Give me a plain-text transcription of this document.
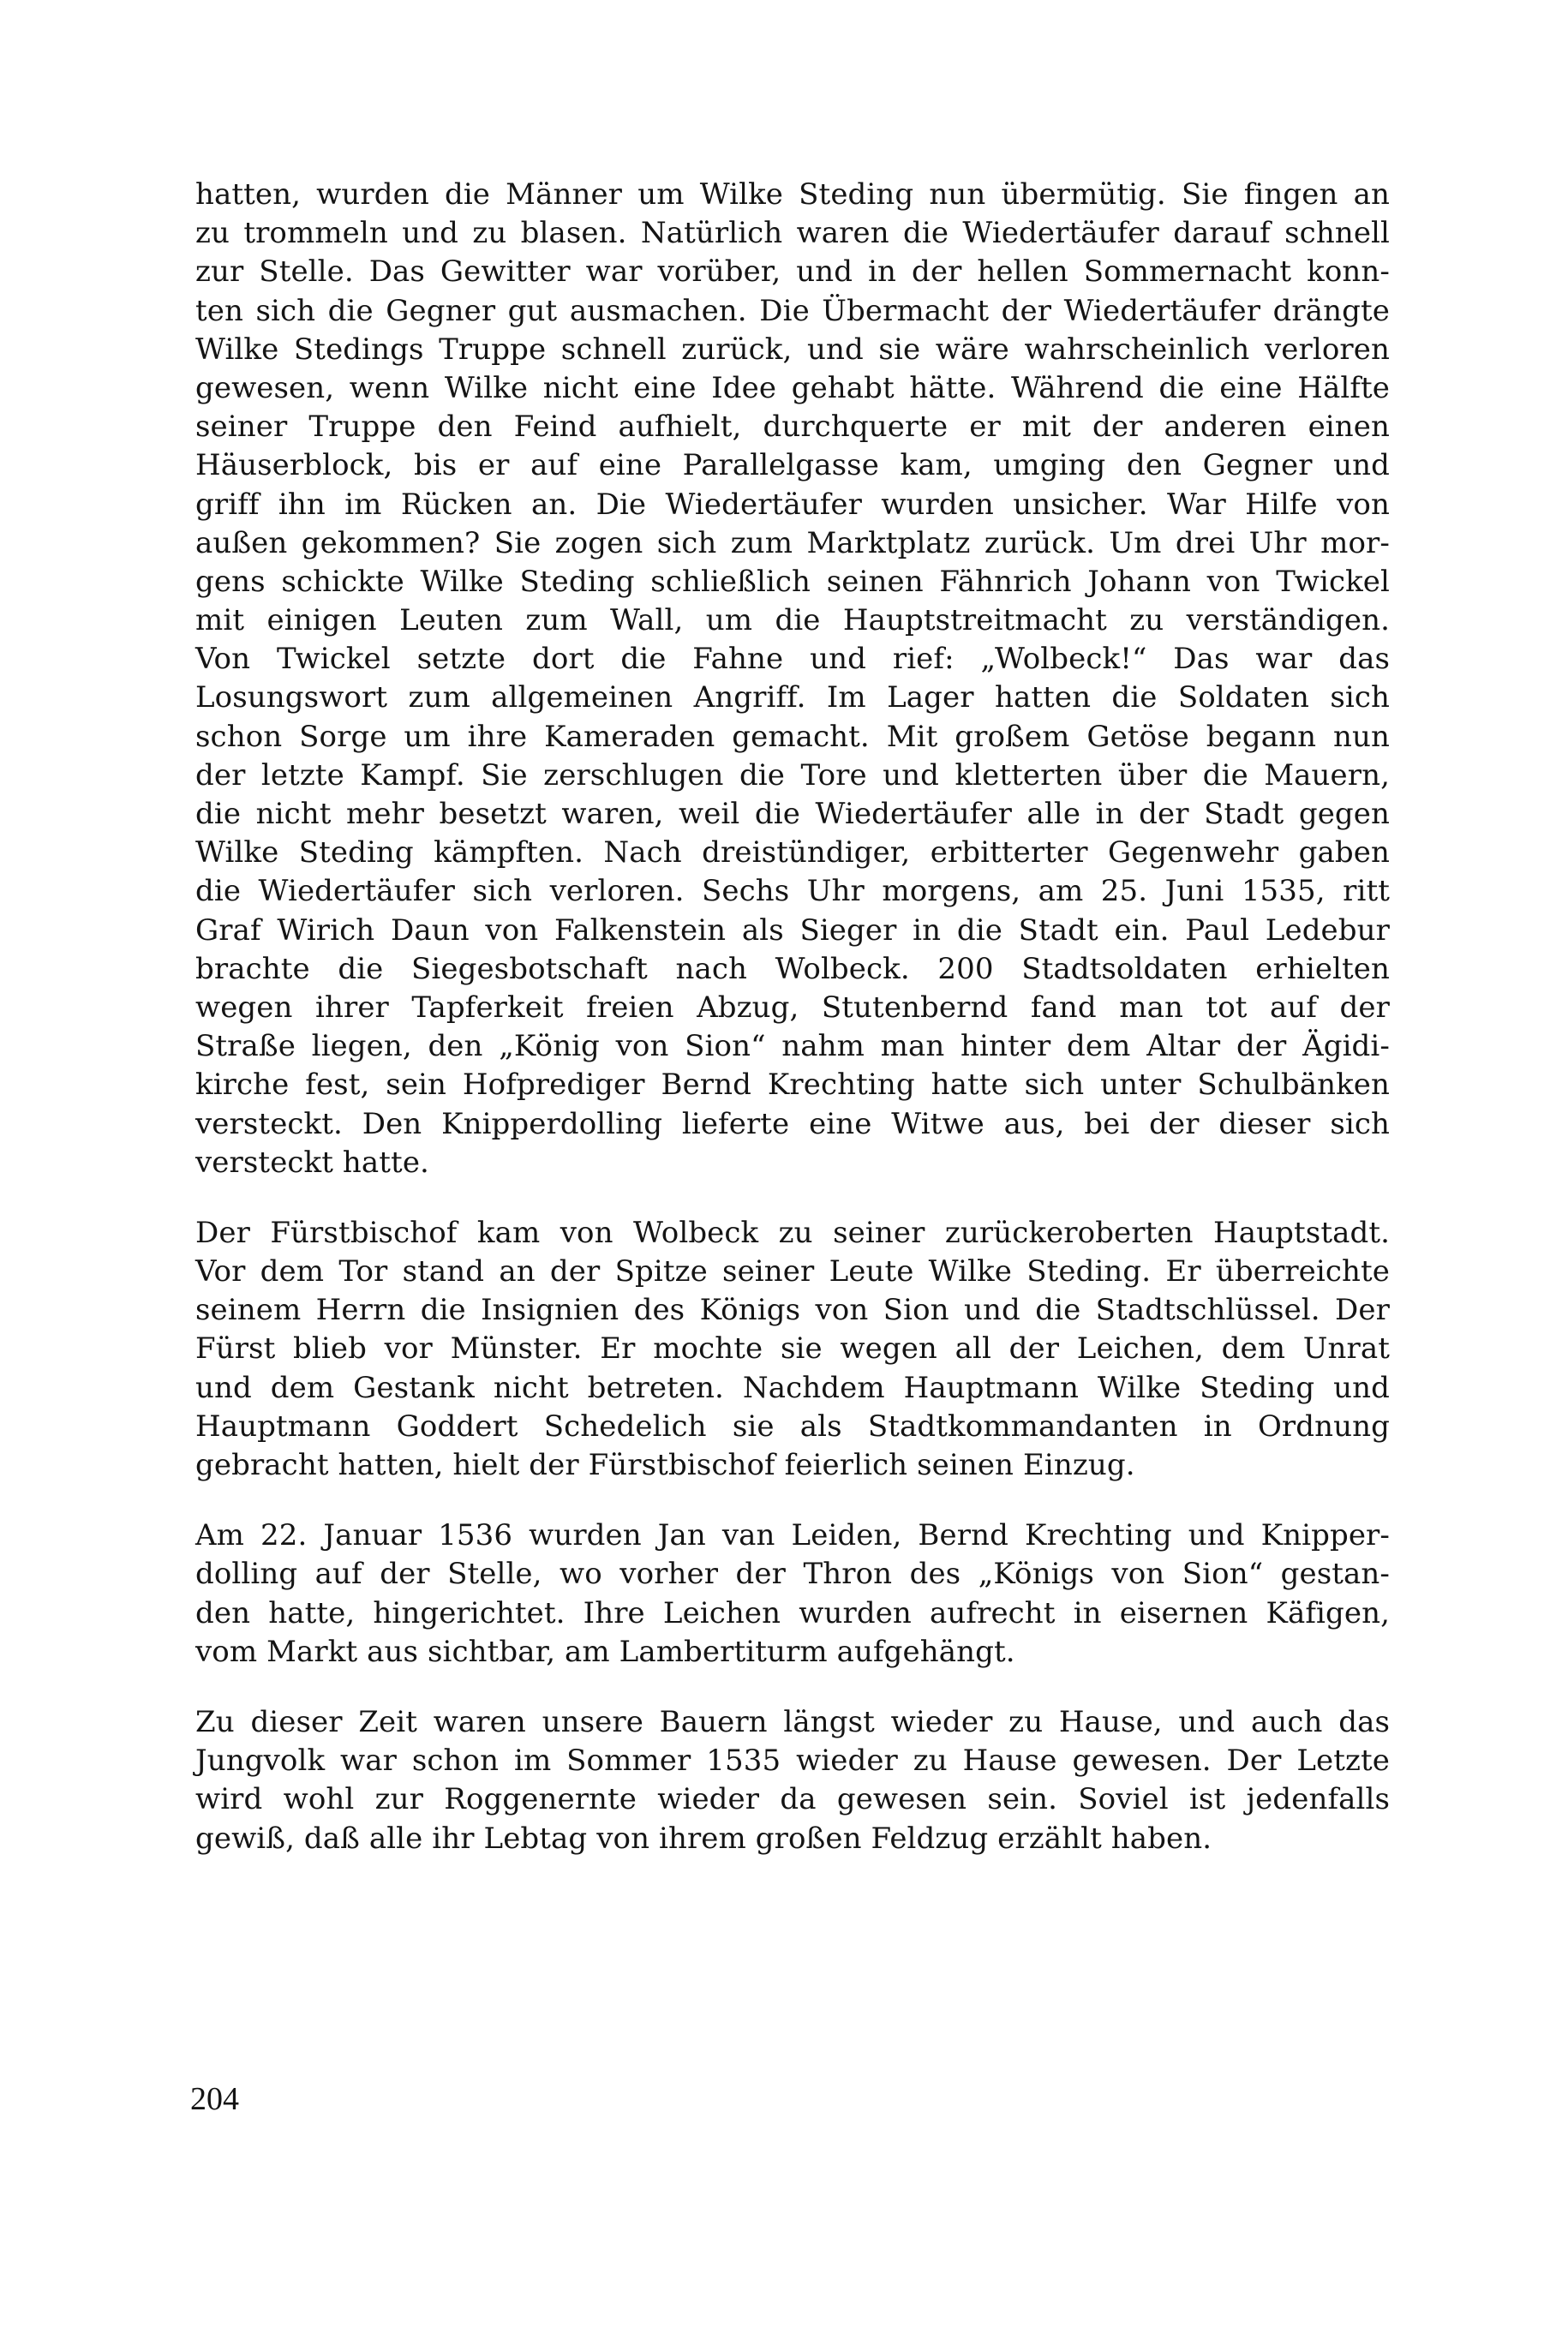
hatten, wurden die Männer um Wilke Steding nun übermütig. Sie fingen an
zu trommeln und zu blasen. Natürlich waren die Wiedertäufer darauf schnell
zur Stelle. Das Gewitter war vorüber, und in der hellen Sommernacht konn-
ten sich die Gegner gut ausmachen. Die Übermacht der Wiedertäufer drängte
Wilke Stedings Truppe schnell zurück, und sie wäre wahrscheinlich verloren
gewesen, wenn Wilke nicht eine Idee gehabt hätte. Während die eine Hälfte
seiner Truppe den Feind aufhielt, durchquerte er mit der anderen einen
Häuserblock, bis er auf eine Parallelgasse kam, umging den Gegner und
griff ihn im Rücken an. Die Wiedertäufer wurden unsicher. War Hilfe von
außen gekommen? Sie zogen sich zum Marktplatz zurück. Um drei Uhr mor-
gens schickte Wilke Steding schließlich seinen Fähnrich Johann von Twickel
mit einigen Leuten zum Wall, um die Hauptstreitmacht zu verständigen.
Von Twickel setzte dort die Fahne und rief: „Wolbeck!“ Das war das
Losungswort zum allgemeinen Angriff. Im Lager hatten die Soldaten sich
schon Sorge um ihre Kameraden gemacht. Mit großem Getöse begann nun
der letzte Kampf. Sie zerschlugen die Tore und kletterten über die Mauern,
die nicht mehr besetzt waren, weil die Wiedertäufer alle in der Stadt gegen
Wilke Steding kämpften. Nach dreistündiger, erbitterter Gegenwehr gaben
die Wiedertäufer sich verloren. Sechs Uhr morgens, am 25. Juni 1535, ritt
Graf Wirich Daun von Falkenstein als Sieger in die Stadt ein. Paul Ledebur
brachte die Siegesbotschaft nach Wolbeck. 200 Stadtsoldaten erhielten
wegen ihrer Tapferkeit freien Abzug, Stutenbernd fand man tot auf der
Straße liegen, den „König von Sion“ nahm man hinter dem Altar der Ägidi-
kirche fest, sein Hofprediger Bernd Krechting hatte sich unter Schulbänken
versteckt. Den Knipperdolling lieferte eine Witwe aus, bei der dieser sich
versteckt hatte.
Der Fürstbischof kam von Wolbeck zu seiner zurückeroberten Hauptstadt.
Vor dem Tor stand an der Spitze seiner Leute Wilke Steding. Er überreichte
seinem Herrn die Insignien des Königs von Sion und die Stadtschlüssel. Der
Fürst blieb vor Münster. Er mochte sie wegen all der Leichen, dem Unrat
und dem Gestank nicht betreten. Nachdem Hauptmann Wilke Steding und
Hauptmann Goddert Schedelich sie als Stadtkommandanten in Ordnung
gebracht hatten, hielt der Fürstbischof feierlich seinen Einzug.
Am 22. Januar 1536 wurden Jan van Leiden, Bernd Krechting und Knipper-
dolling auf der Stelle, wo vorher der Thron des „Königs von Sion“ gestan-
den hatte, hingerichtet. Ihre Leichen wurden aufrecht in eisernen Käfigen,
vom Markt aus sichtbar, am Lambertiturm aufgehängt.
Zu dieser Zeit waren unsere Bauern längst wieder zu Hause, und auch das
Jungvolk war schon im Sommer 1535 wieder zu Hause gewesen. Der Letzte
wird wohl zur Roggenernte wieder da gewesen sein. Soviel ist jedenfalls
gewiß, daß alle ihr Lebtag von ihrem großen Feldzug erzählt haben.

204
